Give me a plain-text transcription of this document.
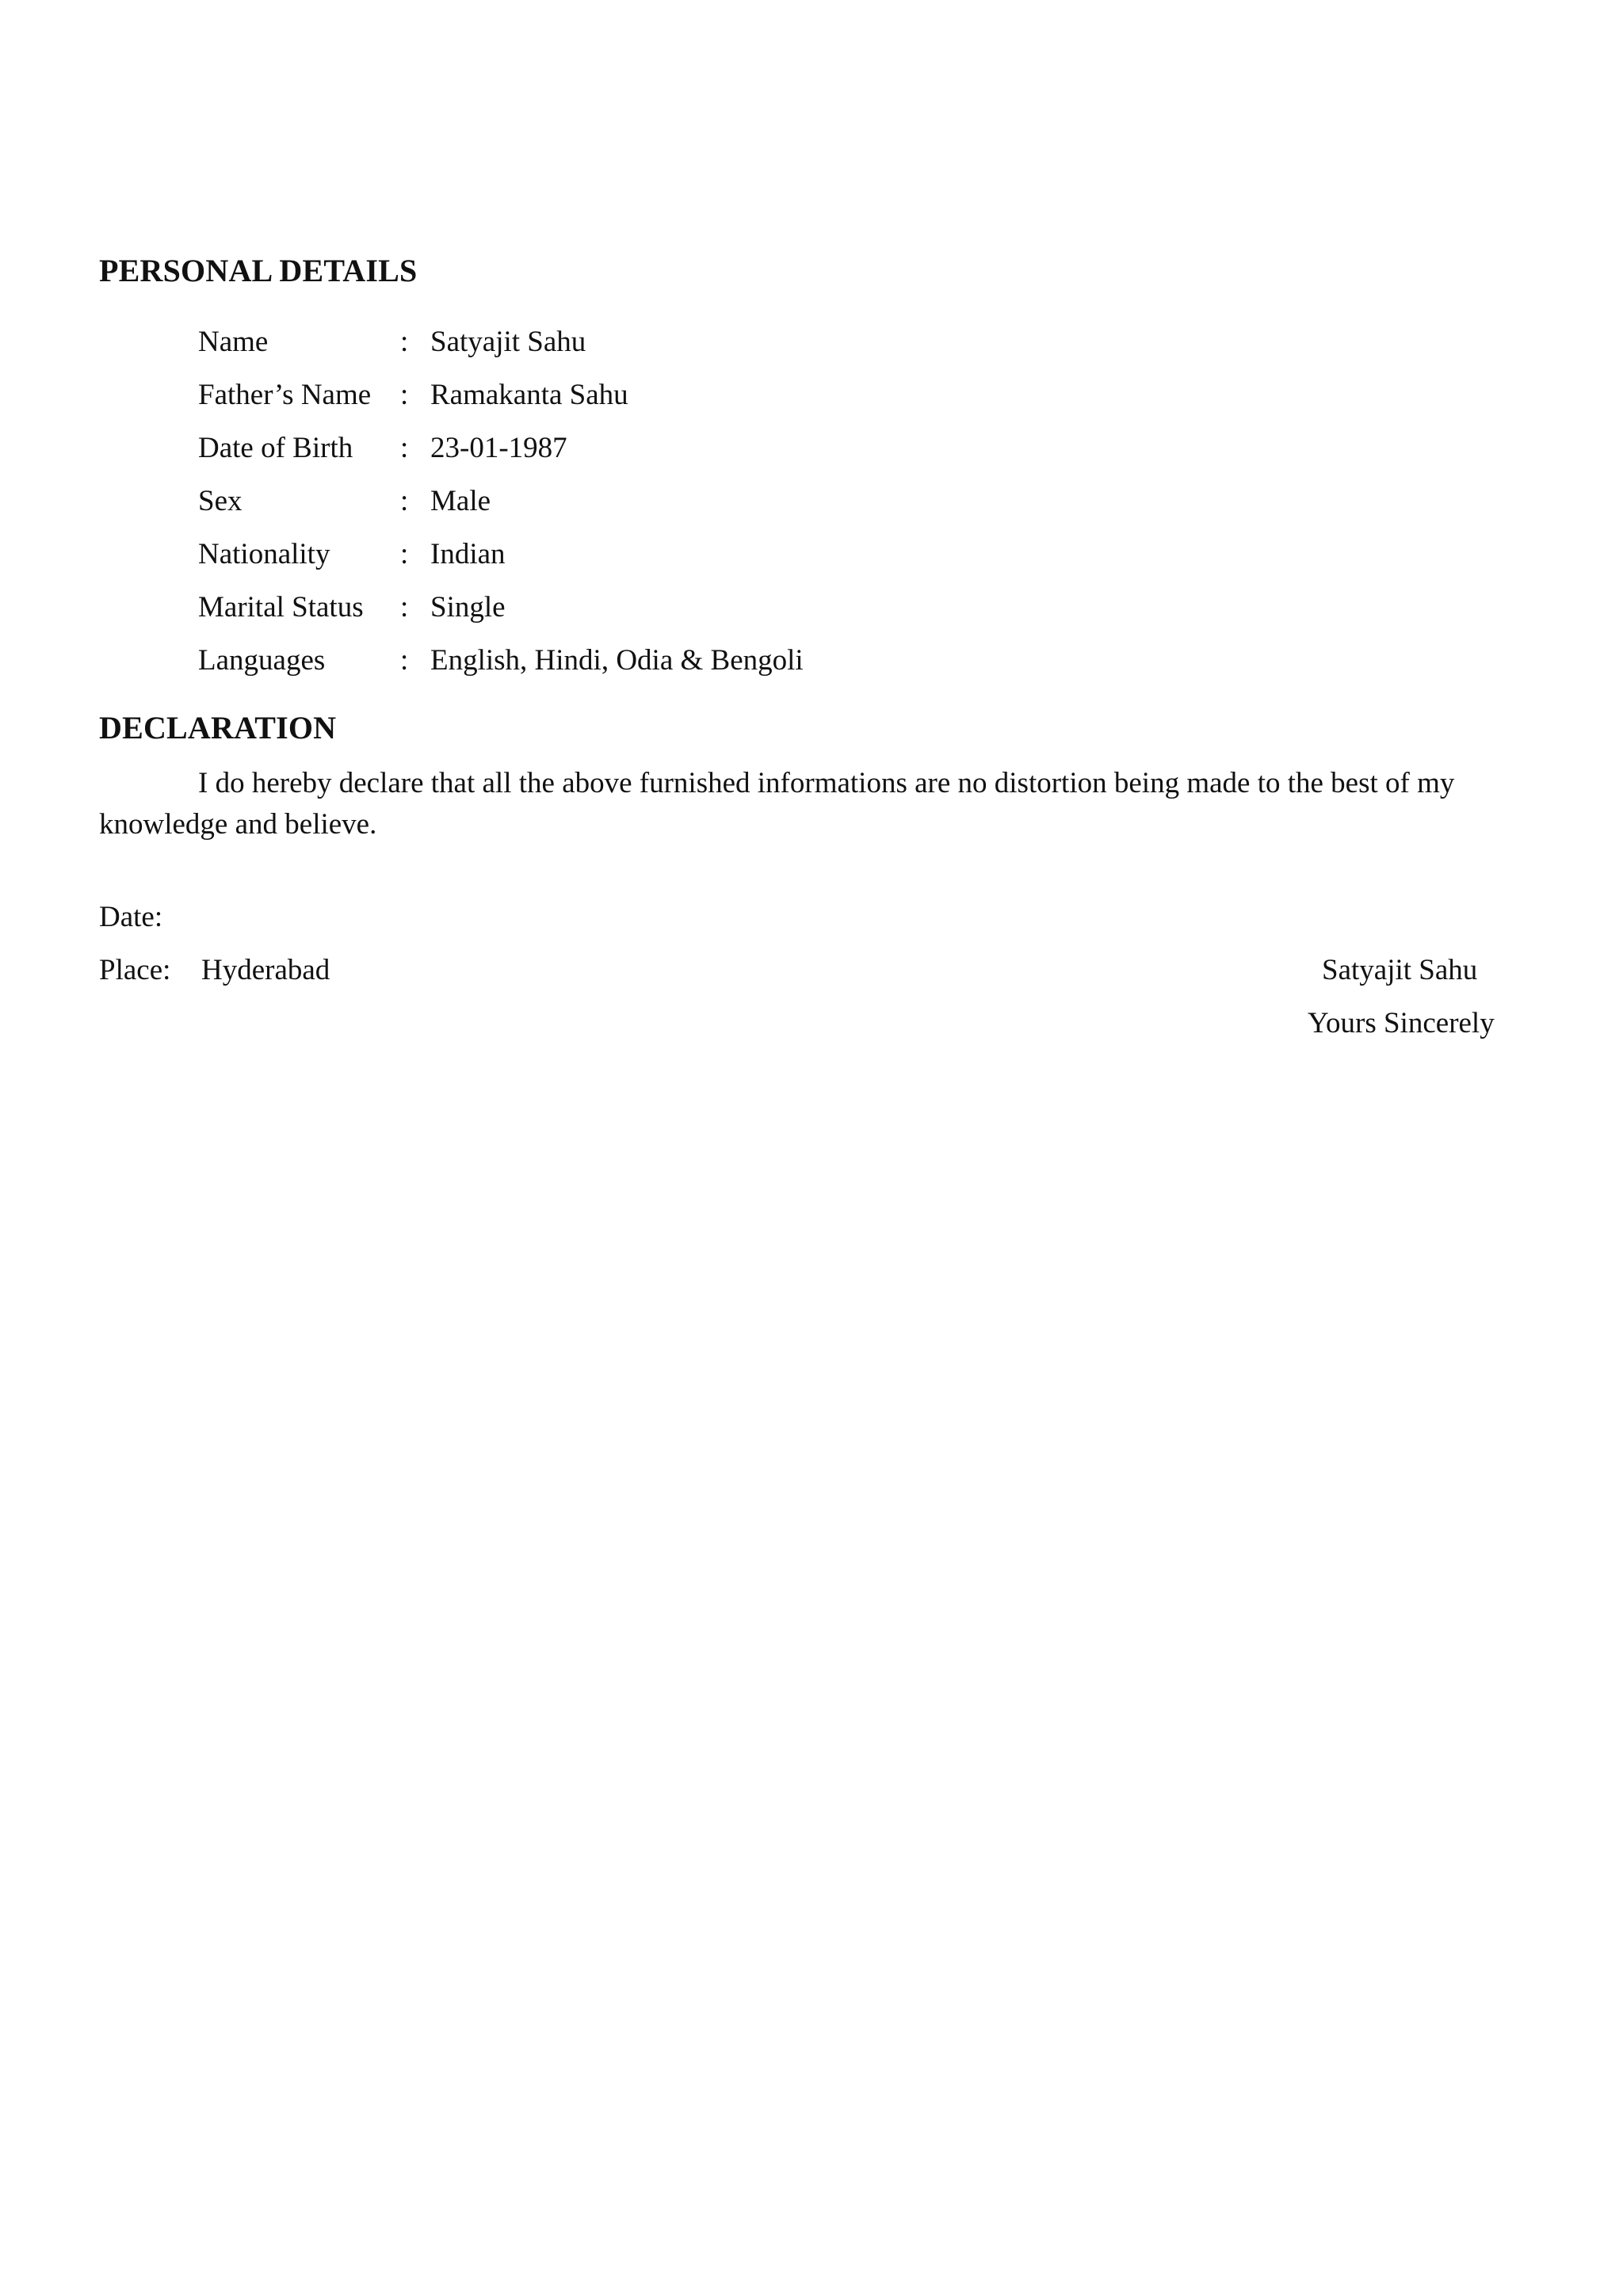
PERSONAL DETAILS
Name	: Satyajit Sahu
Father’s Name : Ramakanta Sahu
Date of Birth : 23-01-1987
Sex	: Male
Nationality : Indian
Marital Status : Single
Languages	: English, Hindi, Odia & Bengoli
DECLARATION

I do hereby declare that all the above furnished informations are no distortion being made to the best of my knowledge and believe.

Date:
Place: Hyderabad	Satyajit Sahu
Yours Sincerely
